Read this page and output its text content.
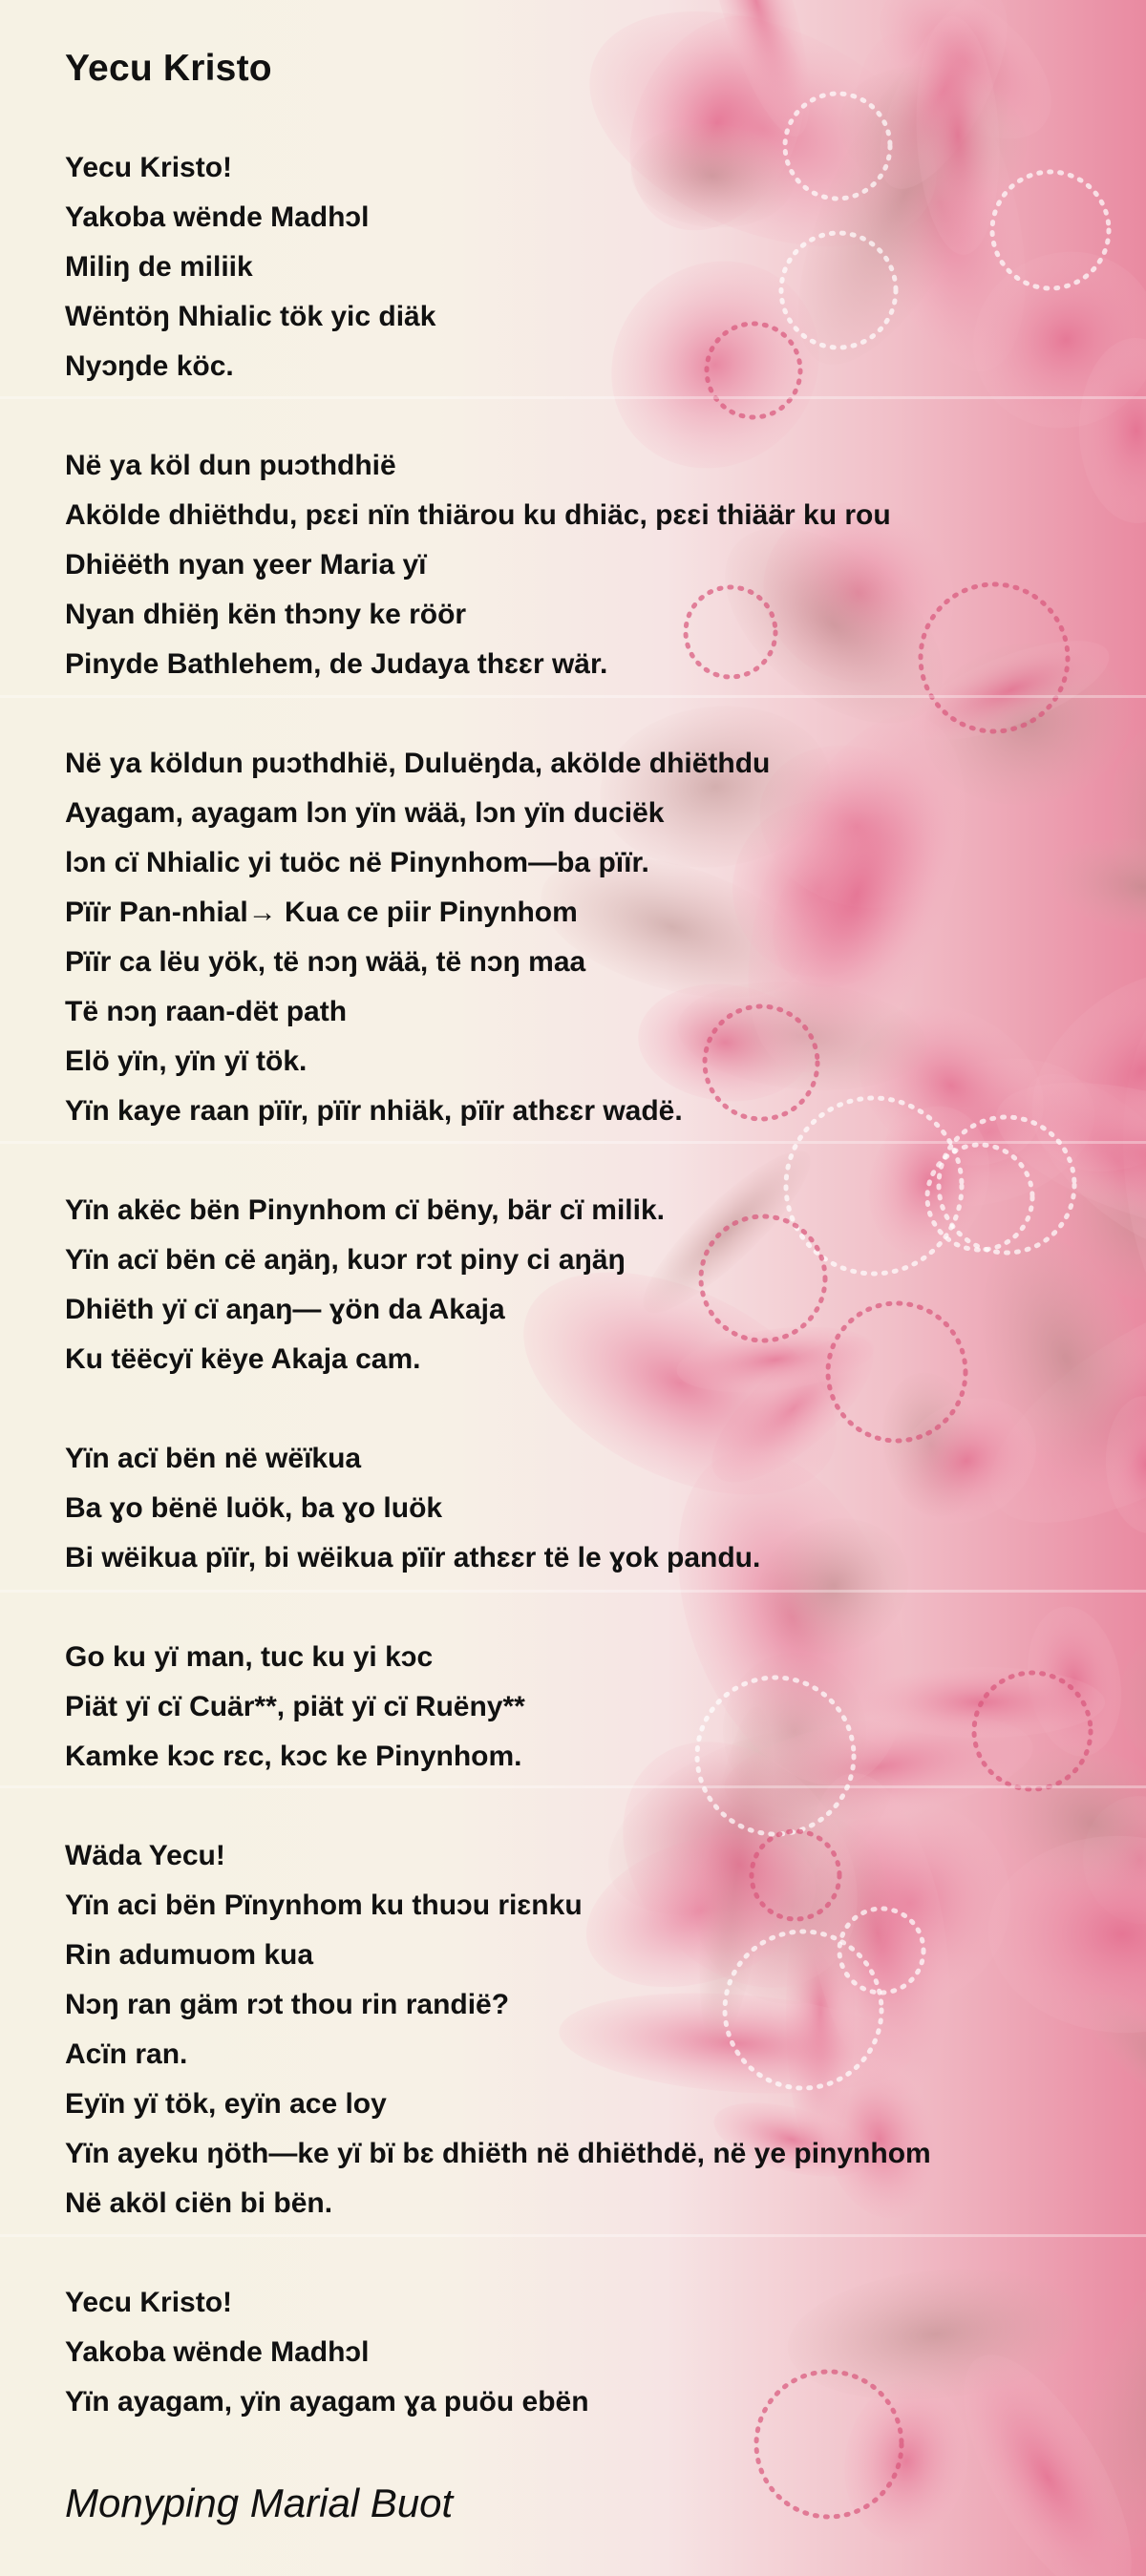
Yecu Kristo
Yecu Kristo!
Yakoba wënde Madhɔl
Miliŋ de miliik
Wëntöŋ Nhialic tök yic diäk
Nyɔŋde köc.
Në ya köl dun puɔthdhië
Akölde dhiëthdu, pɛɛi nïn thiärou ku dhiäc, pɛɛi thiäär ku rou
Dhiëëth nyan ɣeer Maria yï
Nyan dhiëŋ kën thɔny ke röör
Pinyde Bathlehem, de Judaya thɛɛr wär.
Në ya köldun puɔthdhië, Duluëŋda, akölde dhiëthdu
Ayagam, ayagam lɔn yïn wää, lɔn yïn duciëk
lɔn cï Nhialic yi tuöc në Pinynhom—ba pïïr.
Pïïr Pan-nhial→ Kua ce piir Pinynhom
Pïïr ca lëu yök, të nɔŋ wää, të nɔŋ maa
Të nɔŋ raan-dët path
Elö yïn, yïn yï tök.
Yïn kaye raan pïïr, pïïr nhiäk, pïïr athɛɛr wadë.
Yïn akëc bën Pinynhom cï bëny, bär cï milik.
Yïn acï bën cë aŋäŋ, kuɔr rɔt piny ci aŋäŋ
Dhiëth yï cï aŋaŋ— ɣön da Akaja
Ku tëëcyï këye Akaja cam.
Yïn acï bën në wëïkua
Ba ɣo bënë luök, ba ɣo luök
Bi wëikua pïïr, bi wëikua pïïr athɛɛr të le ɣok pandu.
Go ku yï man, tuc ku yi kɔc
Piät yï cï Cuär**, piät yï cï Ruëny**
Kamke kɔc rɛc, kɔc ke Pinynhom.
Wäda Yecu!
Yïn aci bën Pïnynhom ku thuɔu riɛnku
Rin adumuom kua
Nɔŋ ran gäm rɔt thou rin randië?
Acïn ran.
Eyïn yï tök, eyïn ace loy
Yïn ayeku ŋöth—ke yï bï bɛ dhiëth në dhiëthdë, në ye pinynhom
Në aköl ciën bi bën.
Yecu Kristo!
Yakoba wënde Madhɔl
Yïn ayagam, yïn ayagam ɣa puöu ebën
Monyping Marial Buot
